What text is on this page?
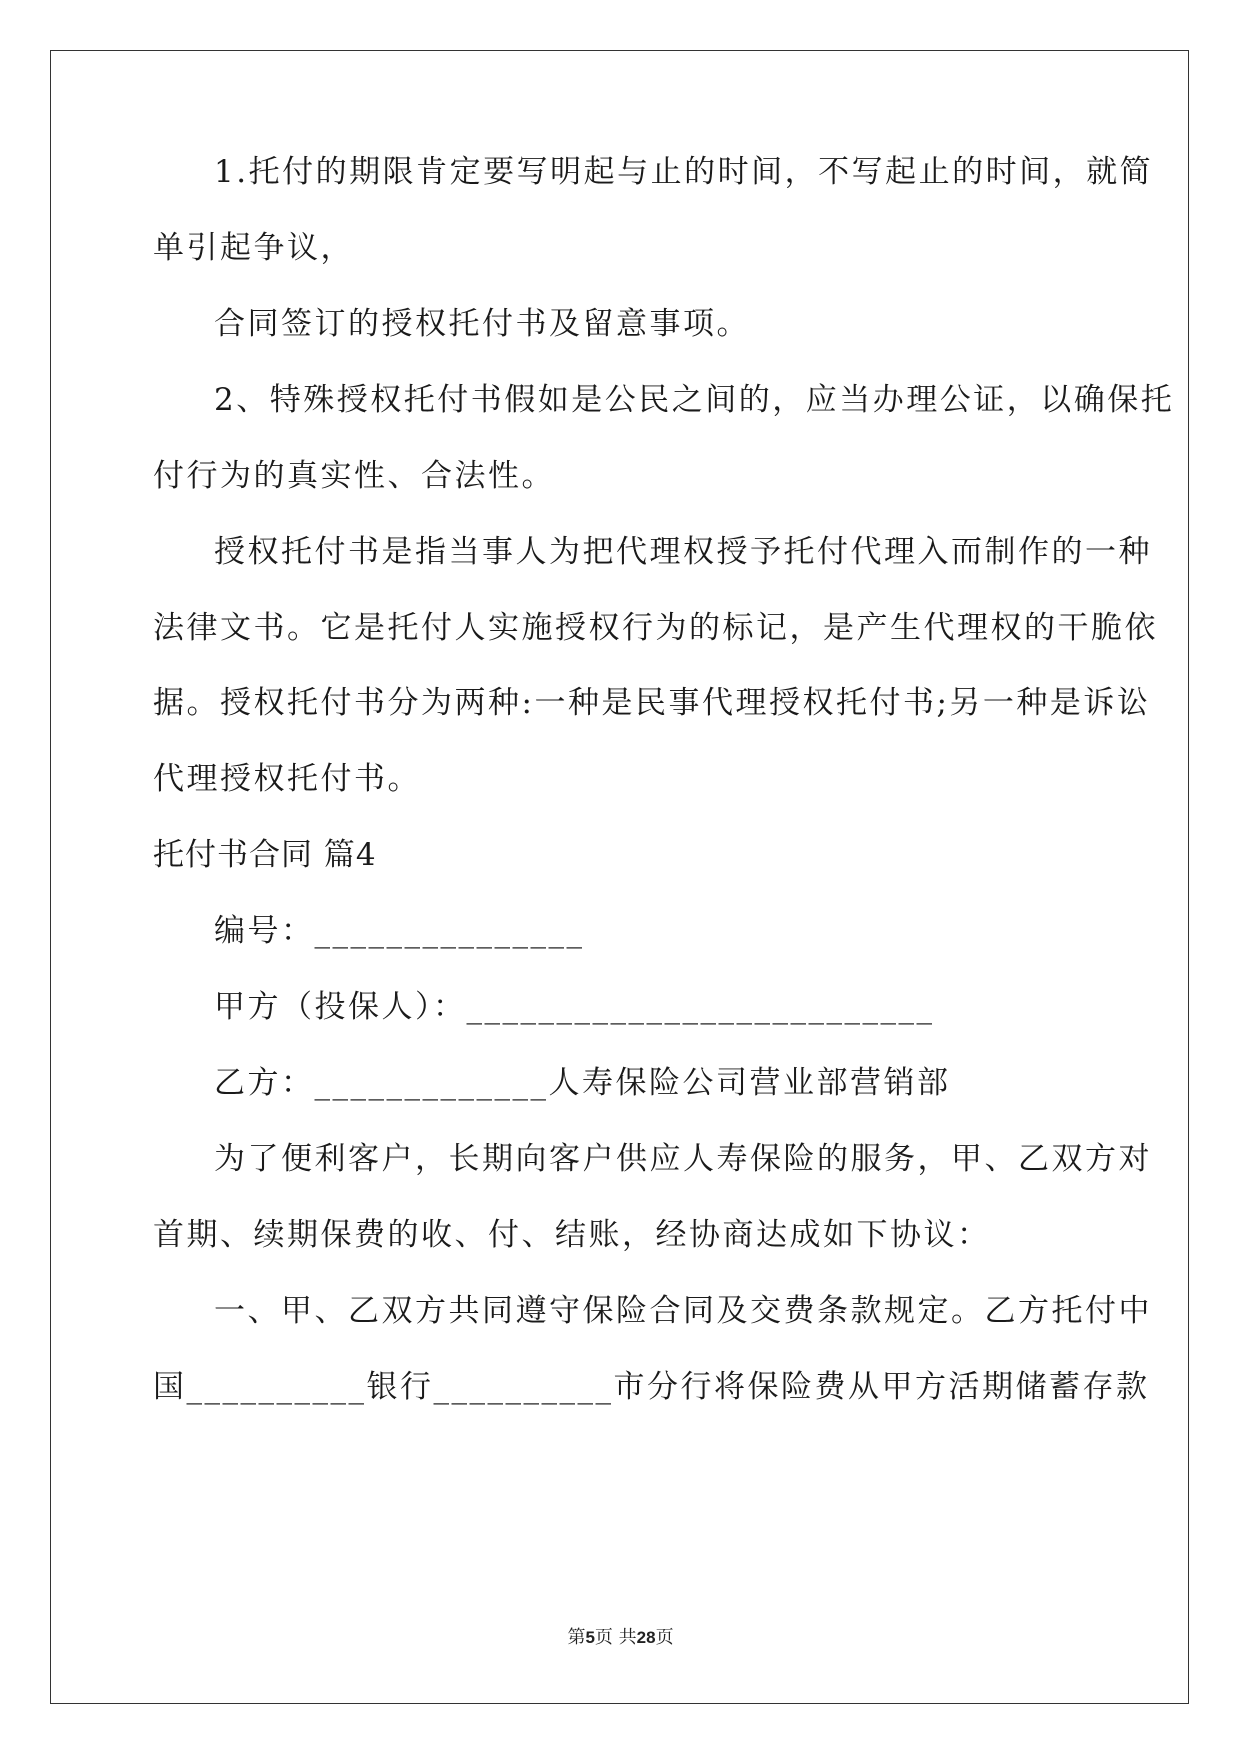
1.托付的期限肯定要写明起与止的时间，不写起止的时间，就简
单引起争议，
合同签订的授权托付书及留意事项。
2、特殊授权托付书假如是公民之间的，应当办理公证，以确保托
付行为的真实性、合法性。
授权托付书是指当事人为把代理权授予托付代理入而制作的一种
法律文书。它是托付人实施授权行为的标记，是产生代理权的干脆依
据。授权托付书分为两种:一种是民事代理授权托付书;另一种是诉讼
代理授权托付书。
托付书合同 篇4
编号：_______________
甲方（投保人）：__________________________
乙方：_____________人寿保险公司营业部营销部
为了便利客户，长期向客户供应人寿保险的服务，甲、乙双方对
首期、续期保费的收、付、结账，经协商达成如下协议：
一、甲、乙双方共同遵守保险合同及交费条款规定。乙方托付中
国__________银行__________市分行将保险费从甲方活期储蓄存款
第5页 共28页
